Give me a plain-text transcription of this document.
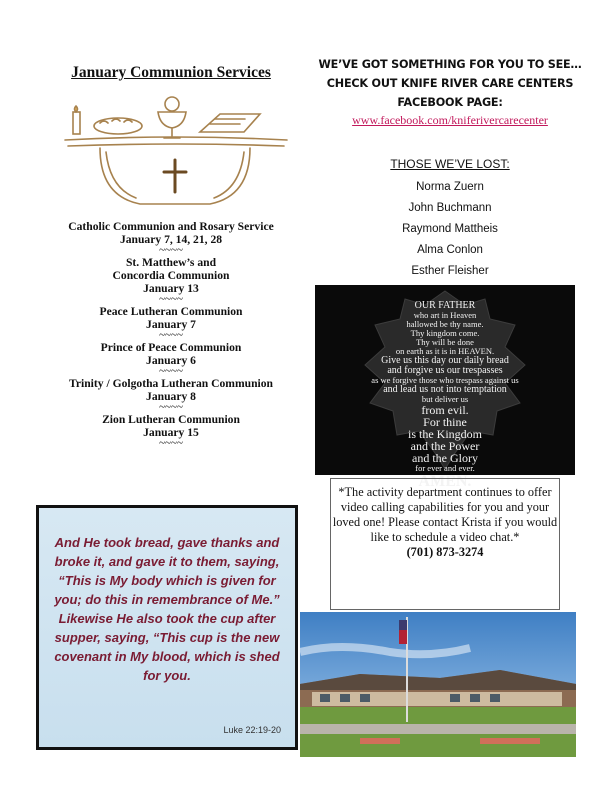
January Communion Services
Catholic Communion and Rosary Service
January 7, 14, 21, 28
~~~~
St. Matthew’s and
Concordia Communion
January 13
~~~~
Peace Lutheran Communion
January 7
~~~~
Prince of Peace Communion
January 6
~~~~
Trinity / Golgotha Lutheran Communion
January 8
~~~~
Zion Lutheran Communion
January 15
~~~~
And He took bread, gave thanks and
broke it, and gave it to them, saying,
“This is My body which is given for
you; do this in remembrance of Me.”
Likewise He also took the cup after
supper, saying, “This cup is the new
covenant in My blood, which is shed
for you.
Luke 22:19-20
WE’VE GOT SOMETHING FOR YOU TO SEE…
CHECK OUT KNIFE RIVER CARE CENTERS
FACEBOOK PAGE:
www.facebook.com/kniferivercarecenter
THOSE WE’VE LOST:
Norma Zuern
John Buchmann
Raymond Mattheis
Alma Conlon
Esther Fleisher
OUR FATHER
who art in Heaven
hallowed be thy name.
Thy kingdom come.
Thy will be done
on earth as it is in HEAVEN.
Give us this day our daily bread
and forgive us our trespasses
as we forgive those who trespass against us
and lead us not into temptation
but deliver us
from evil.
For thine
is the Kingdom
and the Power
and the Glory
for ever and ever.
AMEN.
*The activity department continues to offer video calling capabilities for you and your loved one! Please contact Krista if you would like to schedule a video chat.*
(701) 873-3274
